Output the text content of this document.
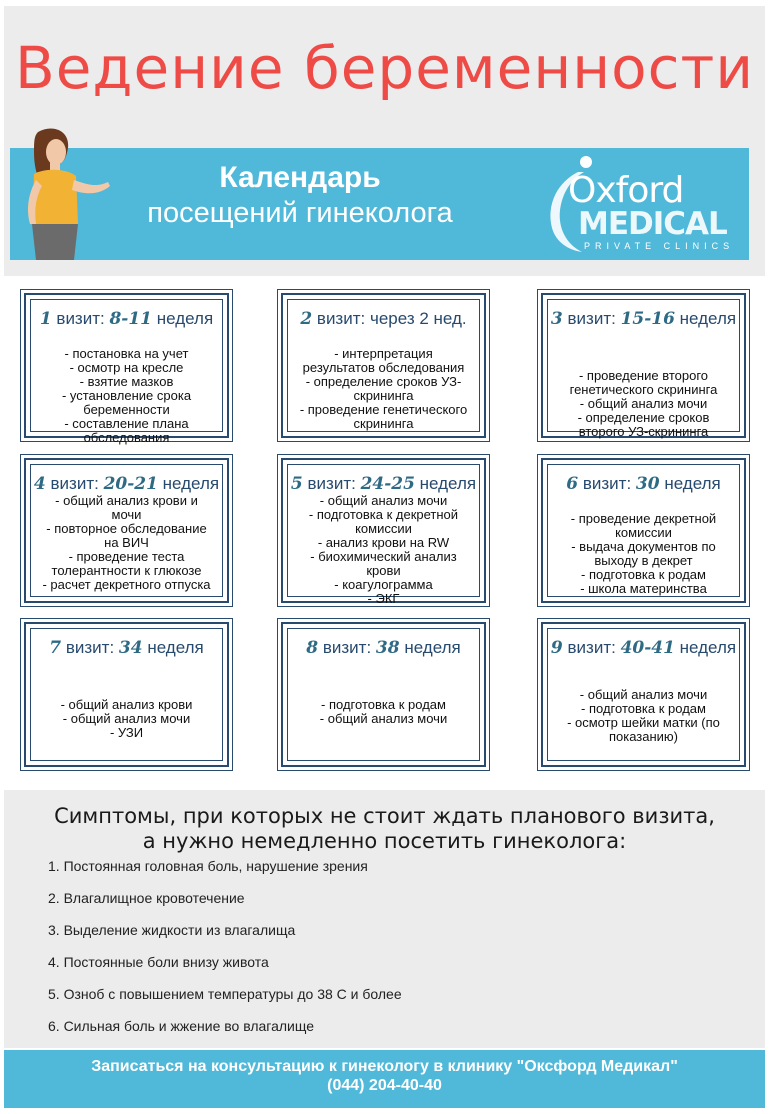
Ведение беременности
Календарь
посещений гинеколога
Oxford
MEDICAL
PRIVATE CLINICS
1 визит: 8-11 неделя
- постановка на учет
- осмотр на кресле
- взятие мазков
- установление срока беременности
- составление плана обследования
2 визит: через 2 нед.
- интерпретация результатов обследования
- определение сроков УЗ-скрининга
- проведение генетического скрининга
3 визит: 15-16 неделя
- проведение второго генетического скрининга
- общий анализ мочи
- определение сроков второго УЗ-скрининга
4 визит: 20-21 неделя
- общий анализ крови и мочи
- повторное обследование на ВИЧ
- проведение теста толерантности к глюкозе
- расчет декретного отпуска
5 визит: 24-25 неделя
- общий анализ мочи
- подготовка к декретной комиссии
- анализ крови на RW
- биохимический анализ крови
- коагулограмма
- ЭКГ
6 визит: 30 неделя
- проведение декретной комиссии
- выдача документов по выходу в декрет
- подготовка к родам
- школа материнства
7 визит: 34 неделя
- общий анализ крови
- общий анализ мочи
- УЗИ
8 визит: 38 неделя
- подготовка к родам
- общий анализ мочи
9 визит: 40-41 неделя
- общий анализ мочи
- подготовка к родам
- осмотр шейки матки (по показанию)
Симптомы, при которых не стоит ждать планового визита,
а нужно немедленно посетить гинеколога:
1. Постоянная головная боль, нарушение зрения
2. Влагалищное кровотечение
3. Выделение жидкости из влагалища
4. Постоянные боли внизу живота
5. Озноб с повышением температуры до 38 С и более
6. Сильная боль и жжение во влагалище
Записаться на консультацию к гинекологу в клинику "Оксфорд Медикал"
(044) 204-40-40
